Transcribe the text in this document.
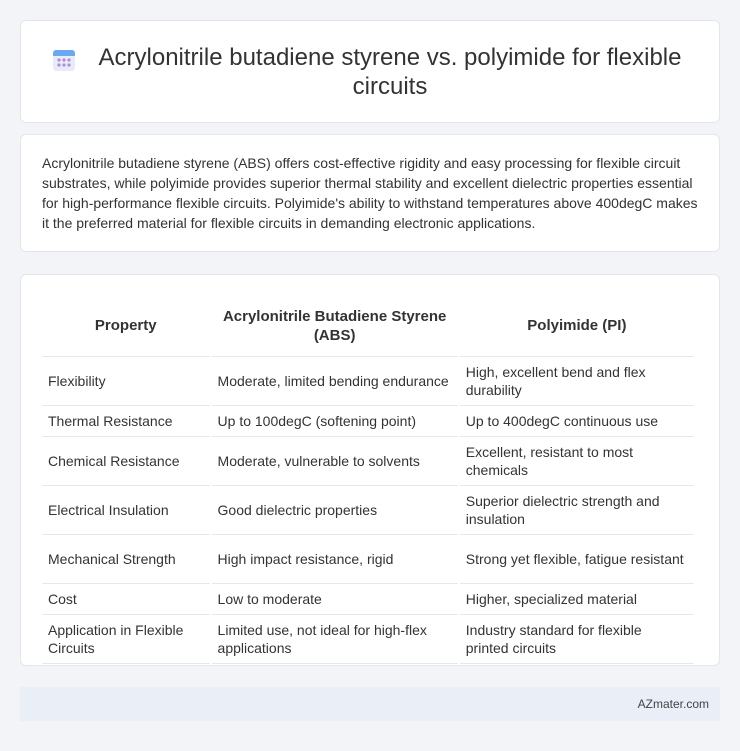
Acrylonitrile butadiene styrene vs. polyimide for flexible circuits

Acrylonitrile butadiene styrene (ABS) offers cost-effective rigidity and easy processing for flexible circuit substrates, while polyimide provides superior thermal stability and excellent dielectric properties essential for high-performance flexible circuits. Polyimide's ability to withstand temperatures above 400degC makes it the preferred material for flexible circuits in demanding electronic applications.

Property	Acrylonitrile Butadiene Styrene (ABS)	Polyimide (PI)
Flexibility	Moderate, limited bending endurance	High, excellent bend and flex durability
Thermal Resistance	Up to 100degC (softening point)	Up to 400degC continuous use
Chemical Resistance	Moderate, vulnerable to solvents	Excellent, resistant to most chemicals
Electrical Insulation	Good dielectric properties	Superior dielectric strength and insulation
Mechanical Strength	High impact resistance, rigid	Strong yet flexible, fatigue resistant
Cost	Low to moderate	Higher, specialized material
Application in Flexible Circuits	Limited use, not ideal for high-flex applications	Industry standard for flexible printed circuits
AZmater.com
